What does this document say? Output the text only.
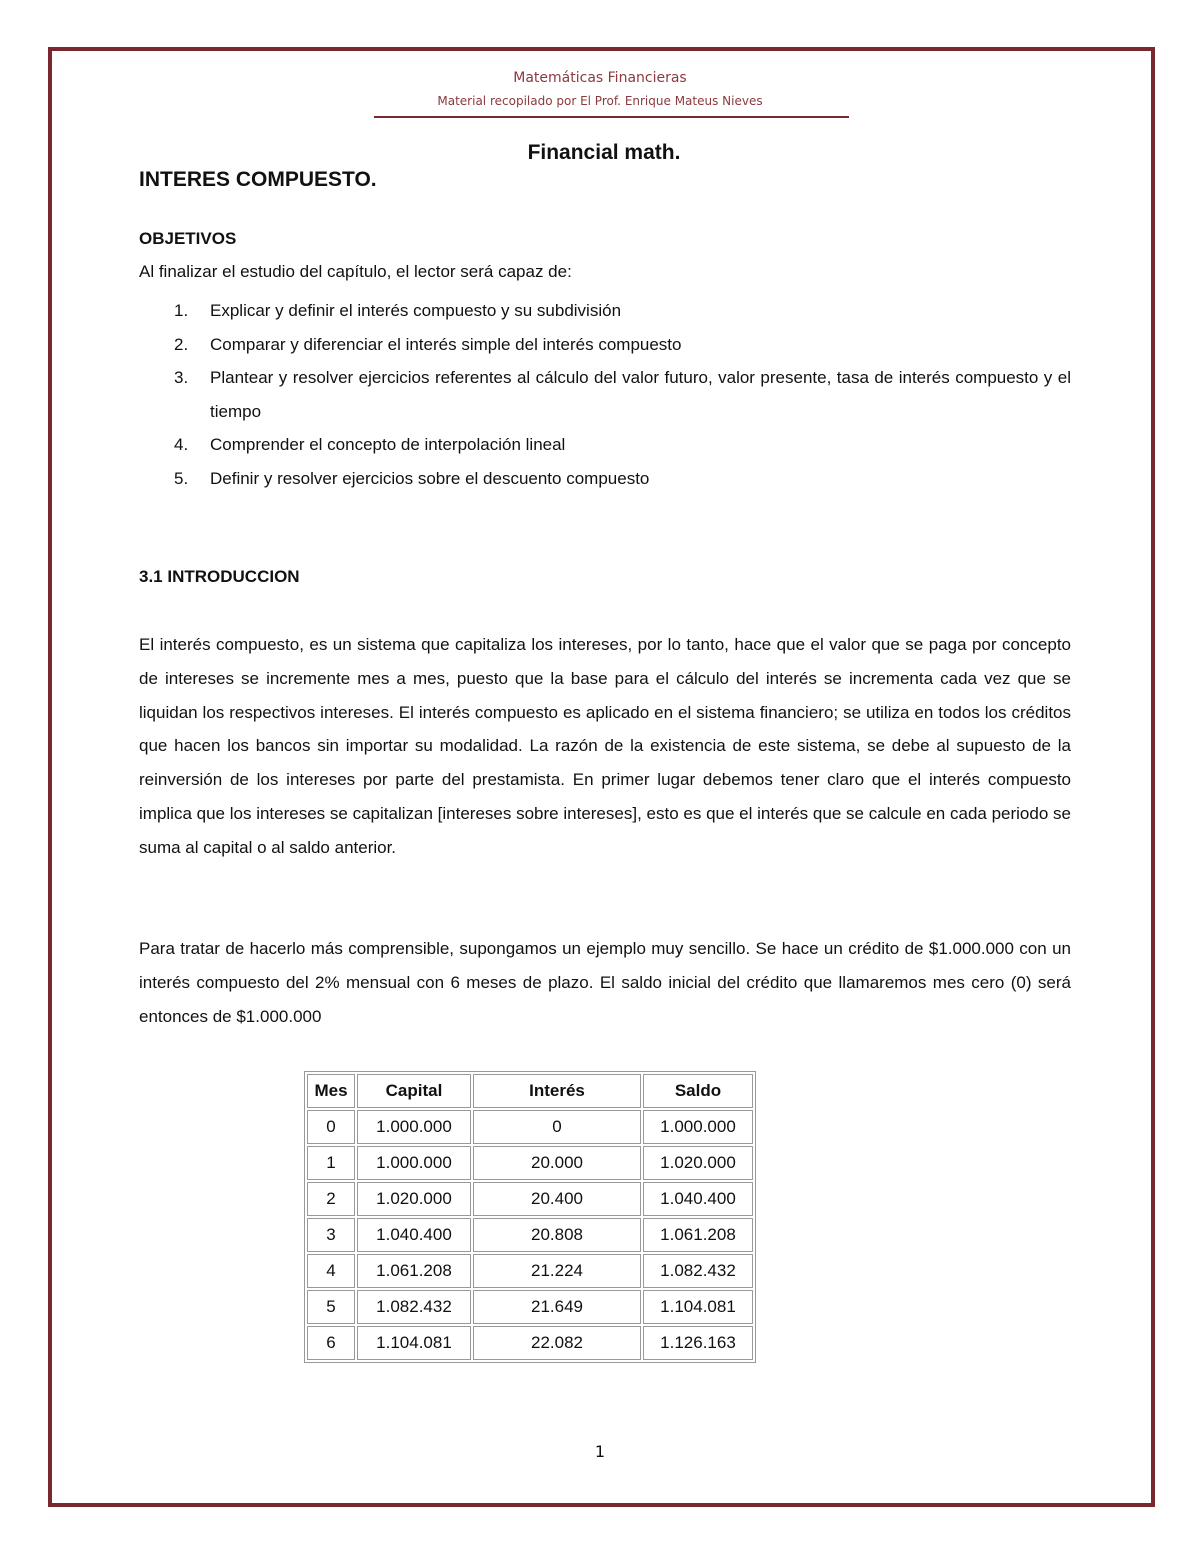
Matemáticas Financieras
Material recopilado por El Prof. Enrique Mateus Nieves
Financial math.
INTERES COMPUESTO.
OBJETIVOS
Al finalizar el estudio del capítulo, el lector será capaz de:
1.	Explicar y definir el interés compuesto y su subdivisión
2.	Comparar y diferenciar el interés simple del interés compuesto
3.	Plantear y resolver ejercicios referentes al cálculo del valor futuro, valor presente, tasa de interés compuesto y el tiempo
4.	Comprender el concepto de interpolación lineal
5.	Definir y resolver ejercicios sobre el descuento compuesto
3.1 INTRODUCCION

El interés compuesto, es un sistema que capitaliza los intereses, por lo tanto, hace que el valor que se paga por concepto de intereses se incremente mes a mes, puesto que la base para el cálculo del interés se incrementa cada vez que se liquidan los respectivos intereses. El interés compuesto es aplicado en el sistema financiero; se utiliza en todos los créditos que hacen los bancos sin importar su modalidad. La razón de la existencia de este sistema, se debe al supuesto de la reinversión de los intereses por parte del prestamista. En primer lugar debemos tener claro que el interés compuesto implica que los intereses se capitalizan [intereses sobre intereses], esto es que el interés que se calcule en cada periodo se suma al capital o al saldo anterior.

Para tratar de hacerlo más comprensible, supongamos un ejemplo muy sencillo. Se hace un crédito de $1.000.000 con un interés compuesto del 2% mensual con 6 meses de plazo. El saldo inicial del crédito que llamaremos mes cero (0) será entonces de $1.000.000

Mes	Capital	Interés	Saldo
0	1.000.000	0	1.000.000
1	1.000.000	20.000	1.020.000
2	1.020.000	20.400	1.040.400
3	1.040.400	20.808	1.061.208
4	1.061.208	21.224	1.082.432
5	1.082.432	21.649	1.104.081
6	1.104.081	22.082	1.126.163
1
